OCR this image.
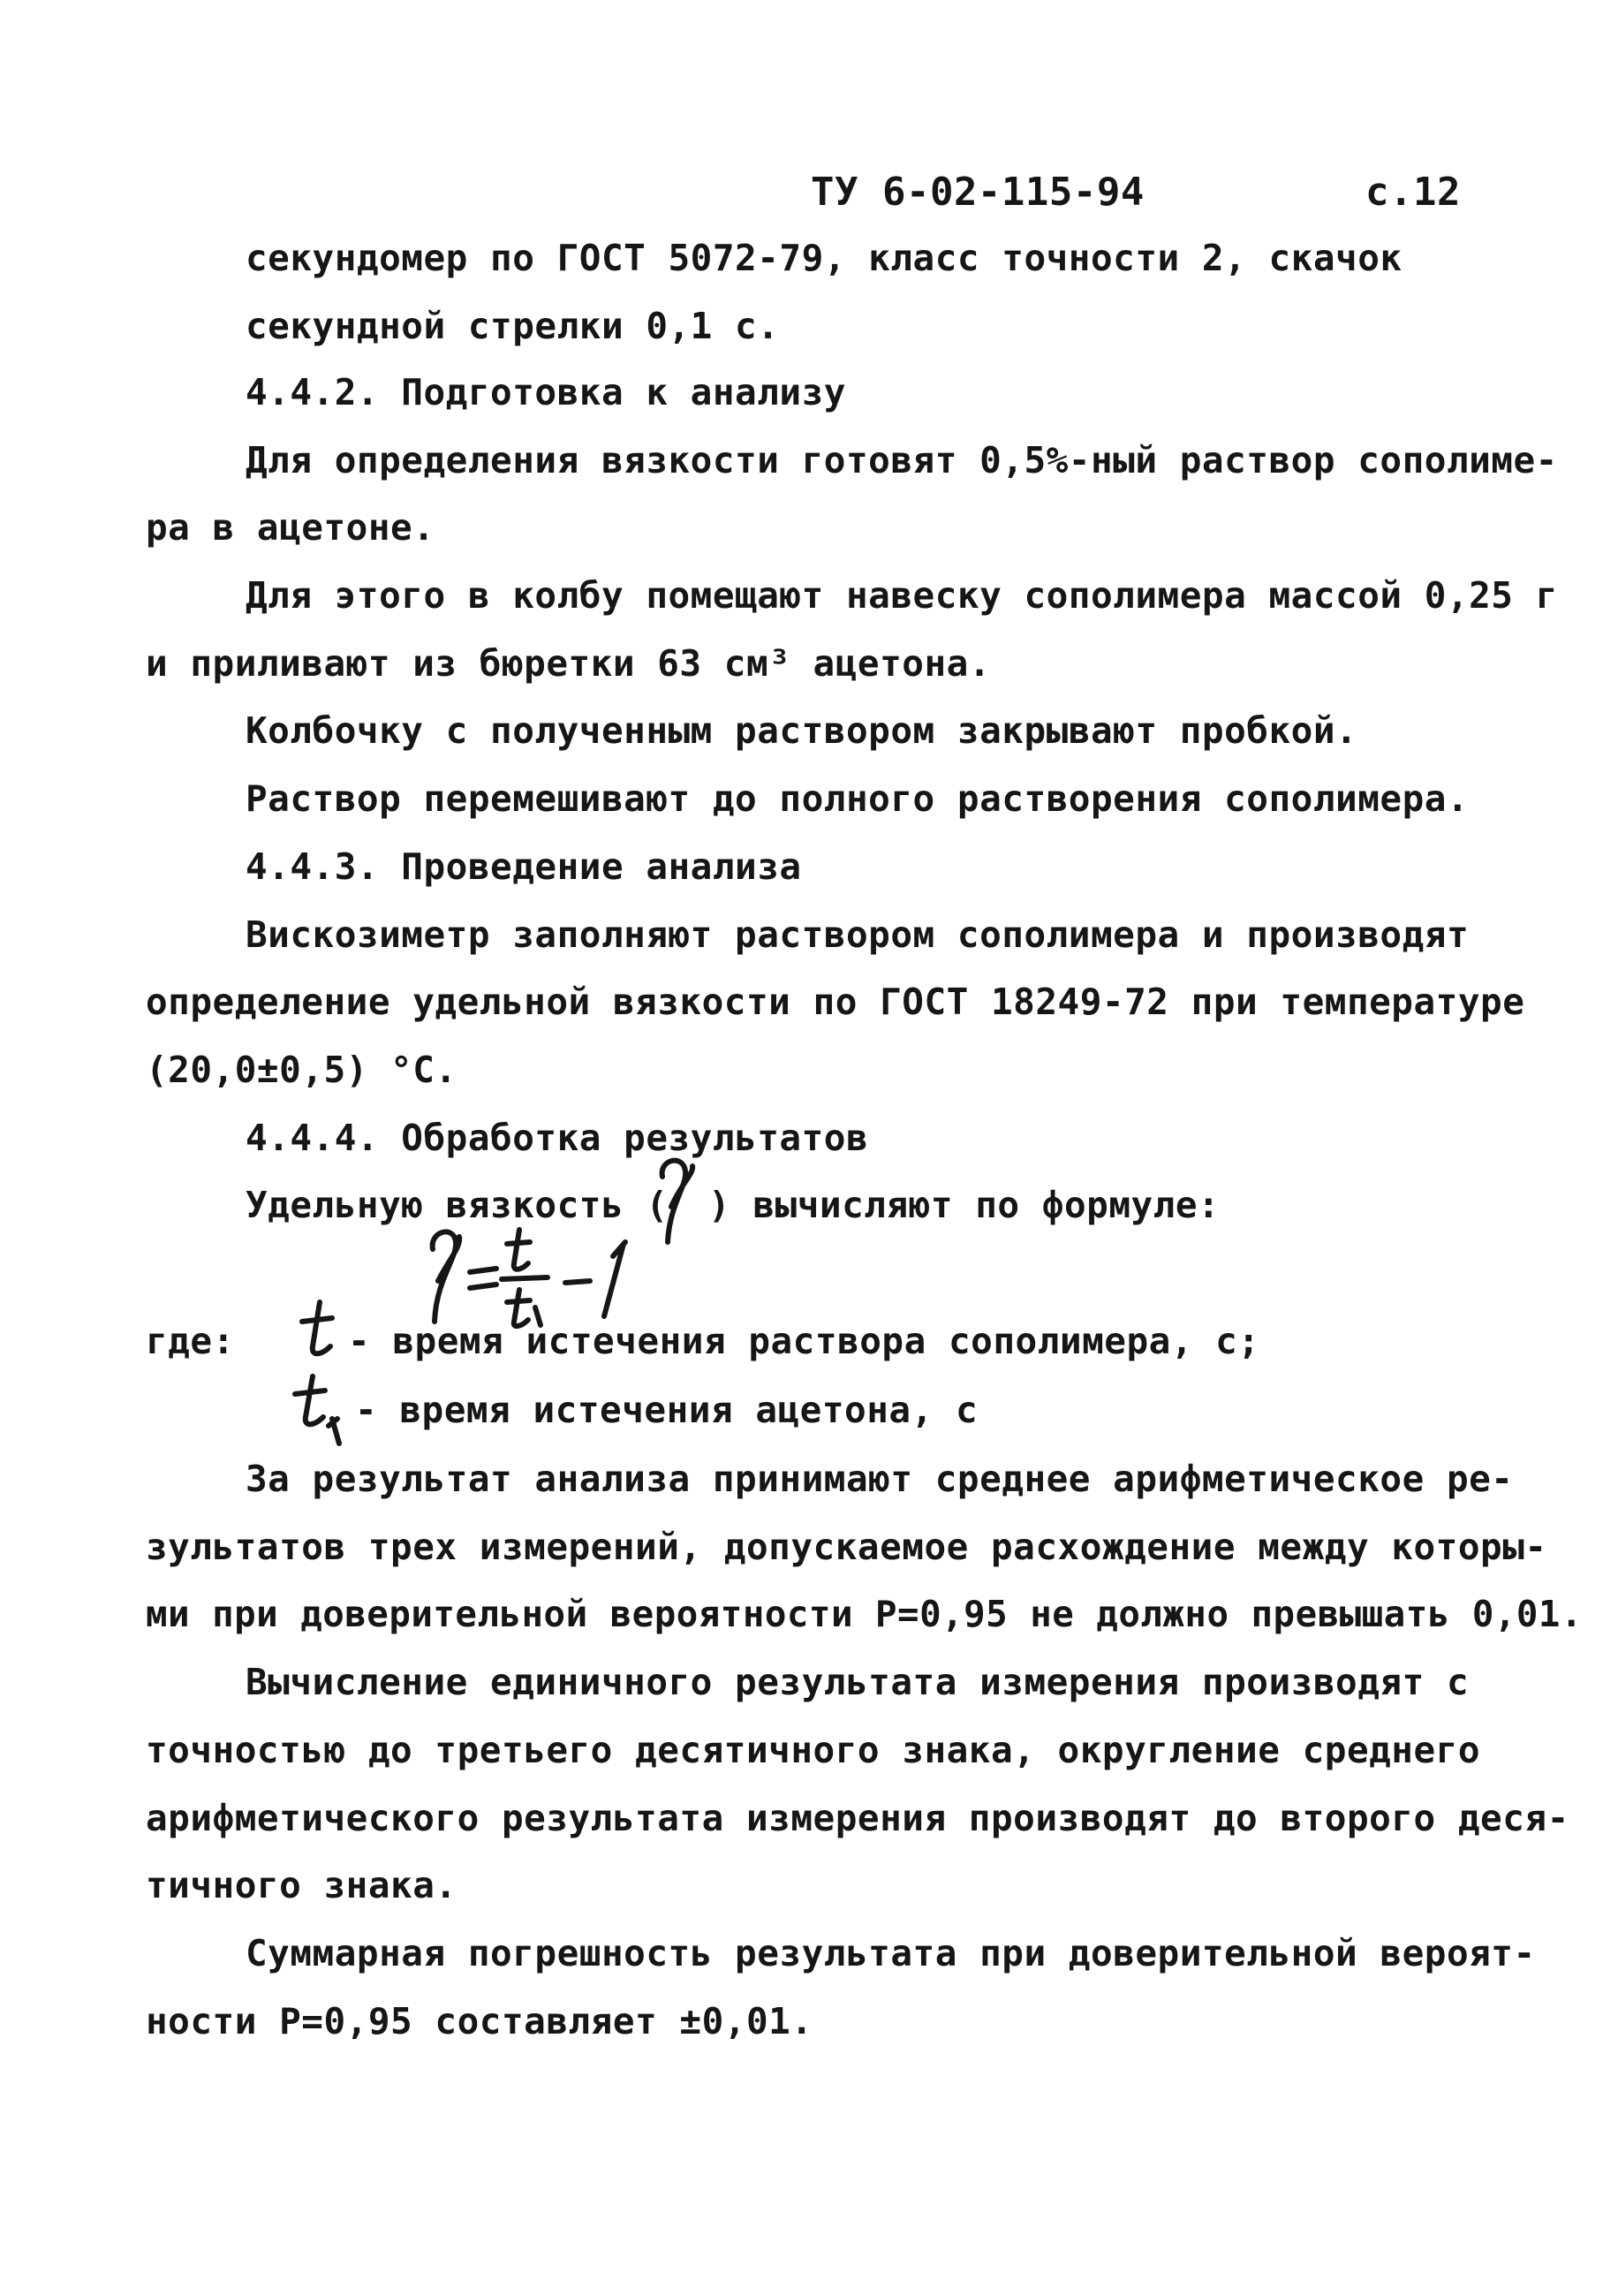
ТУ 6-02-115-94	с.12
секундомер по ГОСТ 5072-79, класс точности 2, скачок
секундной стрелки 0,1 с.
4.4.2. Подготовка к анализу
Для определения вязкости готовят 0,5%-ный раствор сополиме-
ра в ацетоне.
Для этого в колбу помещают навеску сополимера массой 0,25 г
и приливают из бюретки 63 см³ ацетона.
Колбочку с полученным раствором закрывают пробкой.
Раствор перемешивают до полного растворения сополимера.
4.4.3. Проведение анализа
Вискозиметр заполняют раствором сополимера и производят
определение удельной вязкости по ГОСТ 18249-72 при температуре
(20,0±0,5) °С.
4.4.4. Обработка результатов
Удельную вязкость ( ) вычисляют по формуле:
где:	- время истечения раствора сополимера, с;
- время истечения ацетона, с
За результат анализа принимают среднее арифметическое ре-
зультатов трех измерений, допускаемое расхождение между которы-
ми при доверительной вероятности Р=0,95 не должно превышать 0,01.
Вычисление единичного результата измерения производят с
точностью до третьего десятичного знака, округление среднего
арифметического результата измерения производят до второго деся-
тичного знака.
Суммарная погрешность результата при доверительной вероят-
ности Р=0,95 составляет ±0,01.
